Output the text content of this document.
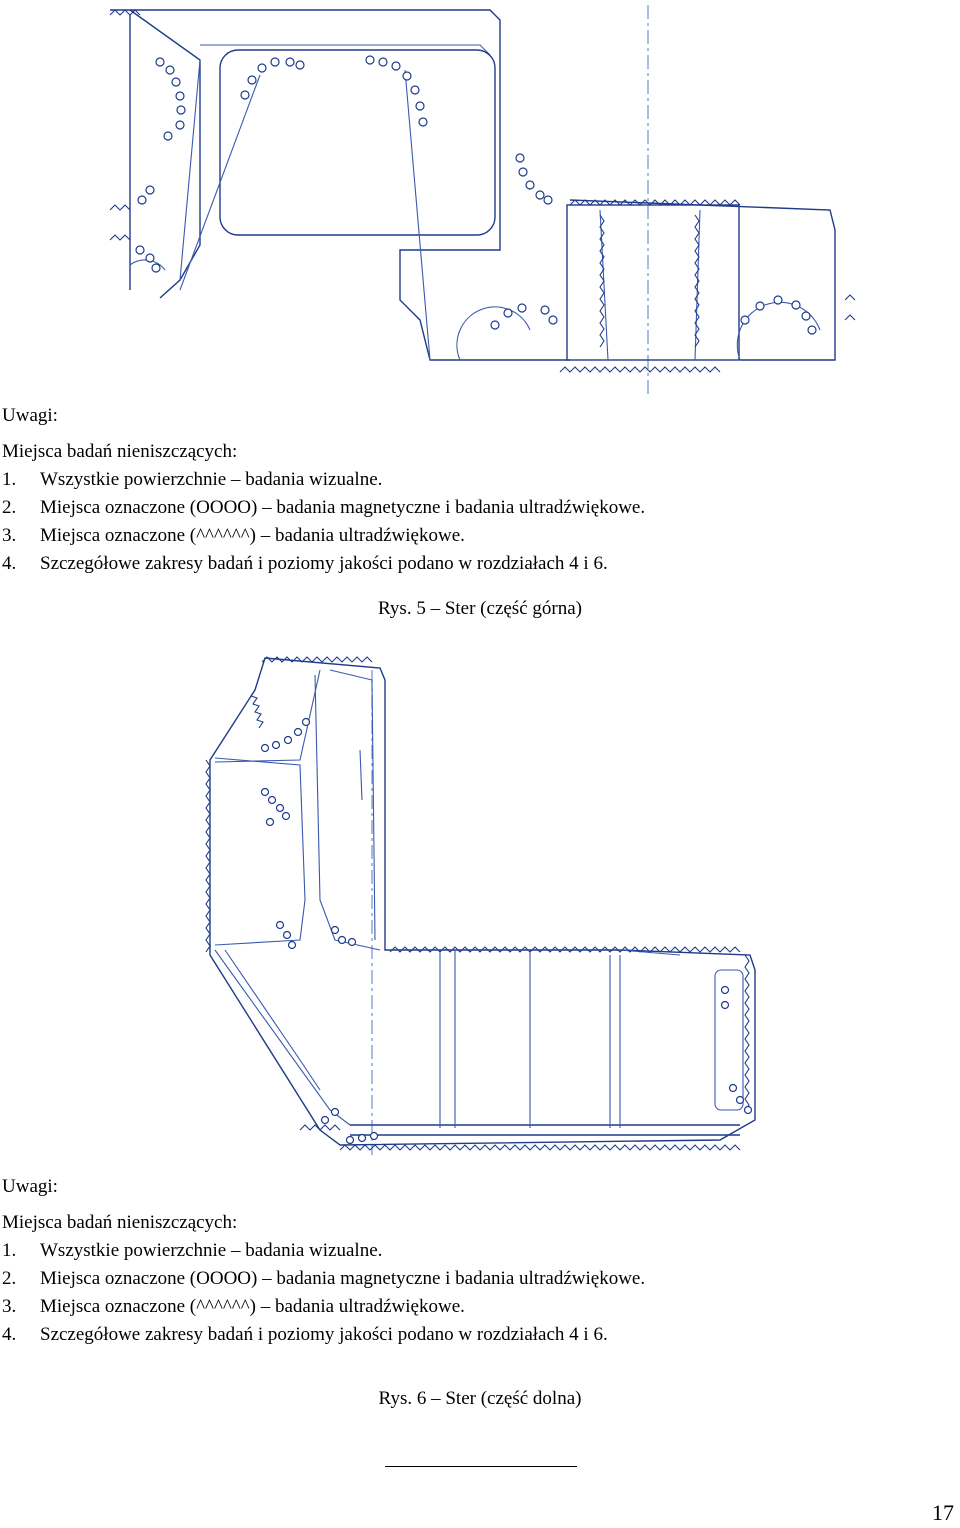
Uwagi:

Miejsca badań nieniszczących:

1.	Wszystkie powierzchnie – badania wizualne.

2.	Miejsca oznaczone (OOOO) – badania magnetyczne i badania ultradźwiękowe.

3.	Miejsca oznaczone (^^^^^^) – badania ultradźwiękowe.

4.	Szczegółowe zakresy badań i poziomy jakości podano w rozdziałach 4 i 6.

Rys. 5 – Ster (część górna)

Uwagi:

Miejsca badań nieniszczących:

1.	Wszystkie powierzchnie – badania wizualne.

2.	Miejsca oznaczone (OOOO) – badania magnetyczne i badania ultradźwiękowe.

3.	Miejsca oznaczone (^^^^^^) – badania ultradźwiękowe.

4.	Szczegółowe zakresy badań i poziomy jakości podano w rozdziałach 4 i 6.

Rys. 6 – Ster (część dolna)
17
